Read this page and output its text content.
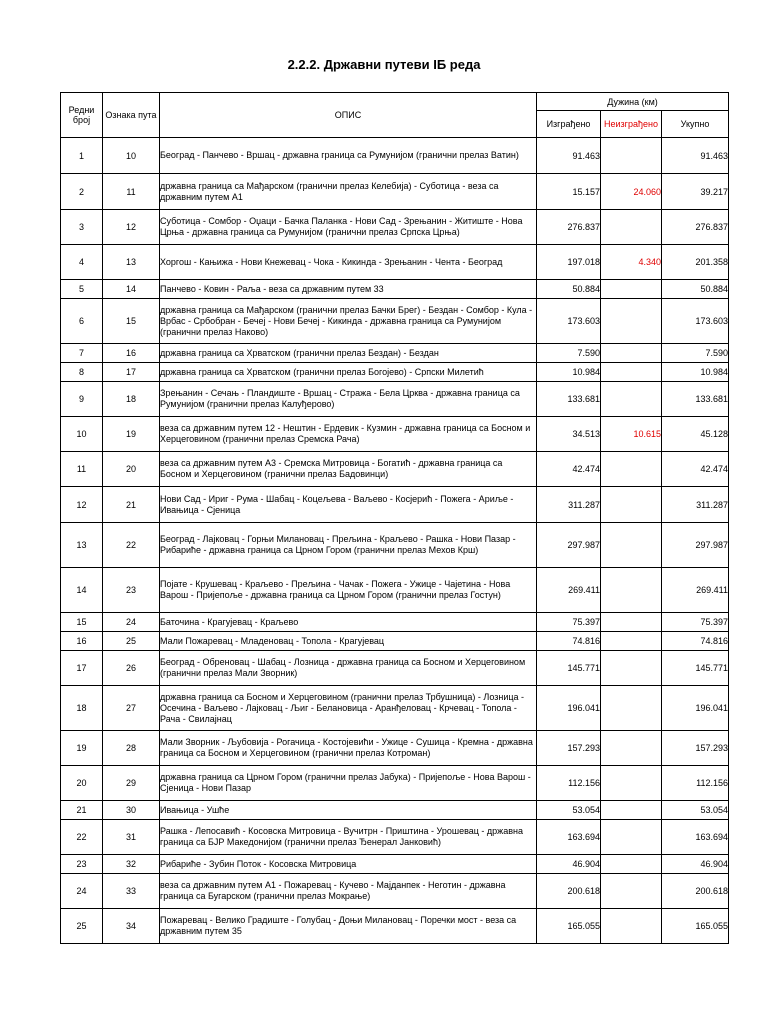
2.2.2. Државни путеви IБ реда
Редни број	Ознака пута	ОПИС	Дужина (км)		
			Изграђено	Неизграђено	Укупно
1	10	Београд - Панчево - Вршац - државна граница са Румунијом (гранични прелаз Ватин)	91.463		91.463
2	11	државна граница са Мађарском (гранични прелаз Келебија) - Суботица - веза са државним путем А1	15.157	24.060	39.217
3	12	Суботица - Сомбор - Оџаци - Бачка Паланка - Нови Сад - Зрењанин - Житиште - Нова Црња - државна граница са Румунијом (гранични прелаз Српска Црња)	276.837		276.837
4	13	Хоргош - Кањижа - Нови Кнежевац - Чока - Кикинда - Зрењанин - Чента - Београд	197.018	4.340	201.358
5	14	Панчево - Ковин - Раља - веза са државним путем 33	50.884		50.884
6	15	државна граница са Мађарском (гранични прелаз Бачки Брег) - Бездан - Сомбор - Кула - Врбас - Србобран - Бечеј - Нови Бечеј - Кикинда - државна граница са Румунијом (гранични прелаз Наково)	173.603		173.603
7	16	државна граница са Хрватском (гранични прелаз Бездан) - Бездан	7.590		7.590
8	17	државна граница са Хрватском (гранични прелаз Богојево) - Српски Милетић	10.984		10.984
9	18	Зрењанин - Сечањ - Пландиште - Вршац - Стража - Бела Црква - државна граница са Румунијом (гранични прелаз Калуђерово)	133.681		133.681
10	19	веза са државним путем 12 - Нештин - Ердевик - Кузмин - државна граница са Босном и Херцеговином (гранични прелаз Сремска Рача)	34.513	10.615	45.128
11	20	веза са државним путем А3 - Сремска Митровица - Богатић - државна граница са Босном и Херцеговином (гранични прелаз Бадовинци)	42.474		42.474
12	21	Нови Сад - Ириг - Рума - Шабац - Коцељева - Ваљево - Косјерић - Пожега - Ариље - Ивањица - Сјеница	311.287		311.287
13	22	Београд - Лајковац - Горњи Милановац - Прељина - Краљево - Рашка - Нови Пазар - Рибариће - државна граница са Црном Гором (гранични прелаз Мехов Крш)	297.987		297.987
14	23	Појате - Крушевац - Краљево - Прељина - Чачак - Пожега - Ужице - Чајетина - Нова Варош - Пријепоље - државна граница са Црном Гором (гранични прелаз Гостун)	269.411		269.411
15	24	Баточина - Крагујевац - Краљево	75.397		75.397
16	25	Мали Пожаревац - Младеновац - Топола - Крагујевац	74.816		74.816
17	26	Београд - Обреновац - Шабац - Лозница - државна граница са Босном и Херцеговином (гранични прелаз Мали Зворник)	145.771		145.771
18	27	државна граница са Босном и Херцеговином (гранични прелаз Трбушница) - Лозница - Осечина - Ваљево - Лајковац - Љиг - Белановица - Аранђеловац - Крчевац - Топола - Рача - Свилајнац	196.041		196.041
19	28	Мали Зворник - Љубовија - Рогачица - Костојевићи - Ужице - Сушица - Кремна - државна граница са Босном и Херцеговином (гранични прелаз Котроман)	157.293		157.293
20	29	државна граница са Црном Гором (гранични прелаз Јабука) - Пријепоље - Нова Варош - Сјеница - Нови Пазар	112.156		112.156
21	30	Ивањица - Ушће	53.054		53.054
22	31	Рашка - Лепосавић - Косовска Митровица - Вучитрн - Приштина - Урошевац - државна граница са БЈР Македонијом (гранични прелаз Ђенерал Јанковић)	163.694		163.694
23	32	Рибариће - Зубин Поток - Косовска Митровица	46.904		46.904
24	33	веза са државним путем А1 - Пожаревац - Кучево - Мајданпек - Неготин - државна граница са Бугарском (гранични прелаз Мокрање)	200.618		200.618
25	34	Пожаревац - Велико Градиште - Голубац - Доњи Милановац - Поречки мост - веза са државним путем 35	165.055		165.055
